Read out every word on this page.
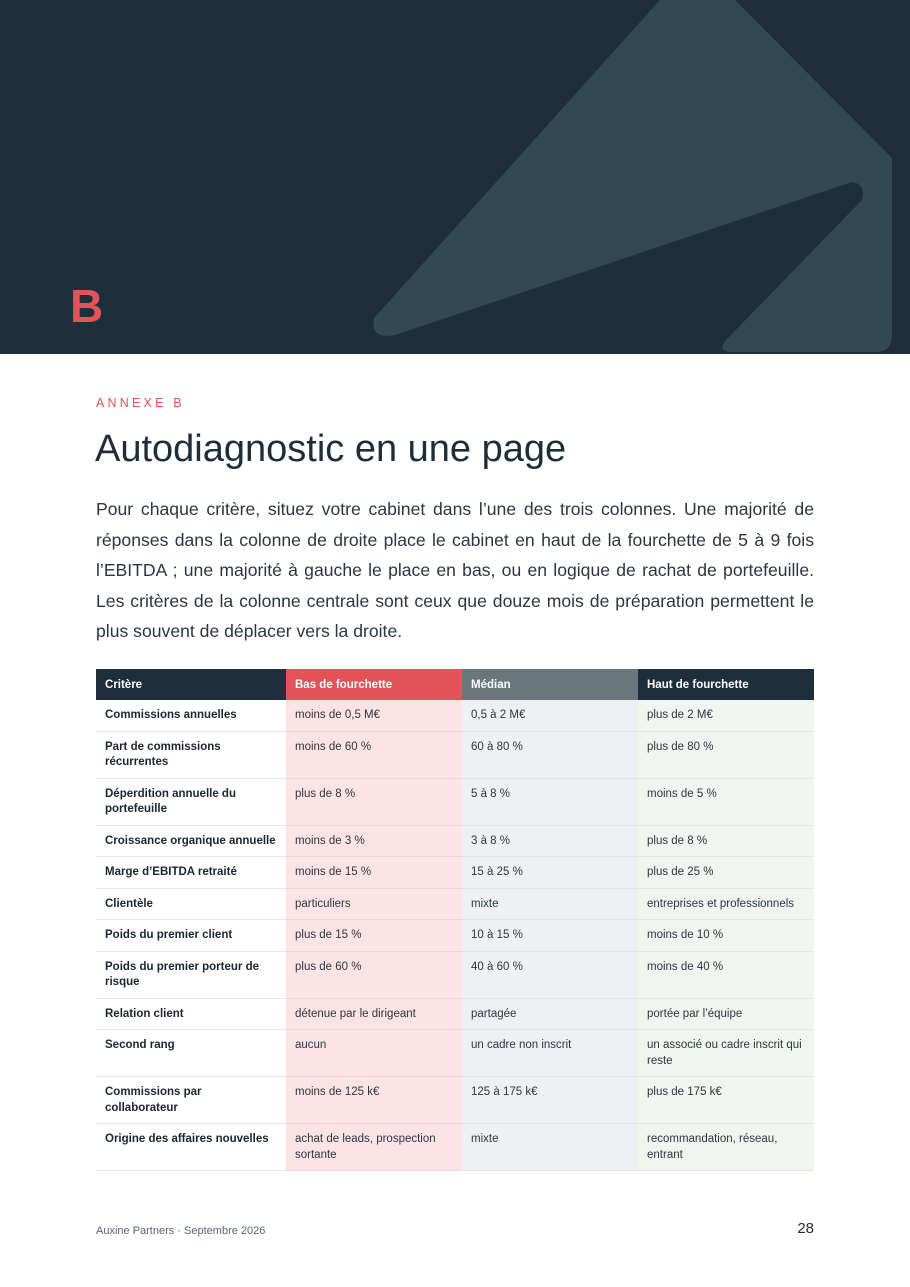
B
ANNEXE B
Autodiagnostic en une page

Pour chaque critère, situez votre cabinet dans l’une des trois colonnes. Une majorité de réponses dans la colonne de droite place le cabinet en haut de la fourchette de 5 à 9 fois l’EBITDA ; une majorité à gauche le place en bas, ou en logique de rachat de portefeuille. Les critères de la colonne centrale sont ceux que douze mois de préparation permettent le plus souvent de déplacer vers la droite.

Critère	Bas de fourchette	Médian	Haut de fourchette
Commissions annuelles	moins de 0,5 M€	0,5 à 2 M€	plus de 2 M€
Part de commissions récurrentes	moins de 60 %	60 à 80 %	plus de 80 %
Déperdition annuelle du portefeuille	plus de 8 %	5 à 8 %	moins de 5 %
Croissance organique annuelle	moins de 3 %	3 à 8 %	plus de 8 %
Marge d’EBITDA retraité	moins de 15 %	15 à 25 %	plus de 25 %
Clientèle	particuliers	mixte	entreprises et professionnels
Poids du premier client	plus de 15 %	10 à 15 %	moins de 10 %
Poids du premier porteur de risque	plus de 60 %	40 à 60 %	moins de 40 %
Relation client	détenue par le dirigeant	partagée	portée par l’équipe
Second rang	aucun	un cadre non inscrit	un associé ou cadre inscrit qui reste
Commissions par collaborateur	moins de 125 k€	125 à 175 k€	plus de 175 k€
Origine des affaires nouvelles	achat de leads, prospection sortante	mixte	recommandation, réseau, entrant
Auxine Partners · Septembre 2026	28
